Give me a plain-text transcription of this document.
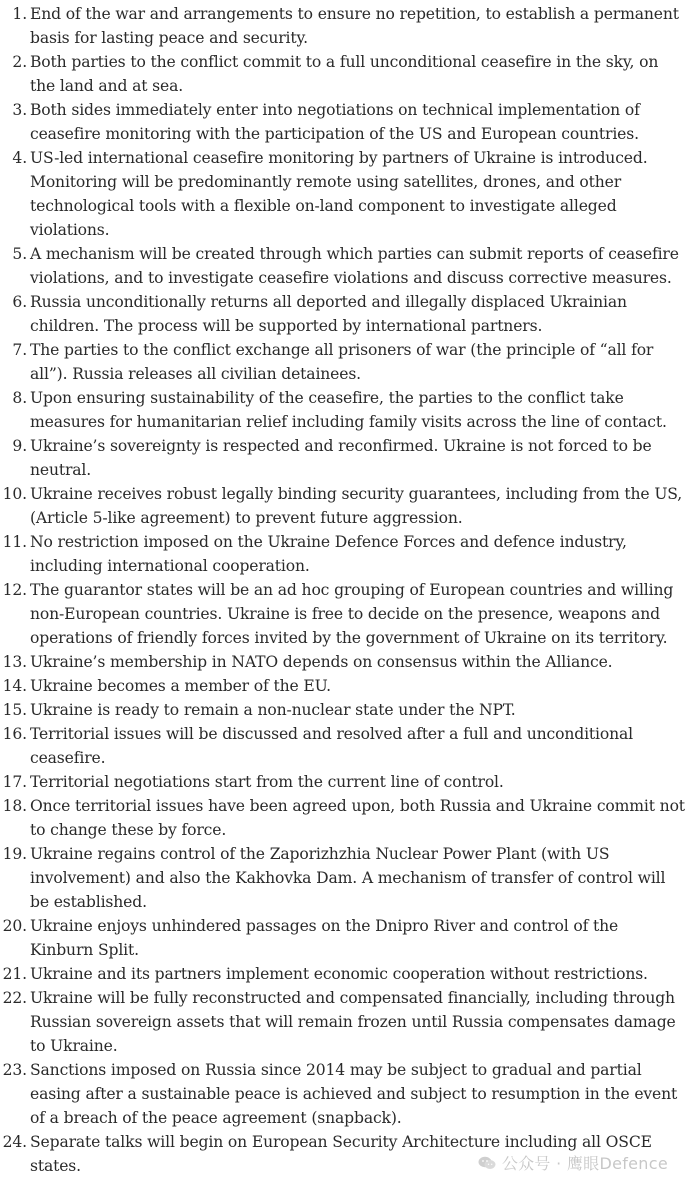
1. End of the war and arrangements to ensure no repetition, to establish a permanent basis for lasting peace and security.
2. Both parties to the conflict commit to a full unconditional ceasefire in the sky, on the land and at sea.
3. Both sides immediately enter into negotiations on technical implementation of ceasefire monitoring with the participation of the US and European countries.
4. US-led international ceasefire monitoring by partners of Ukraine is introduced. Monitoring will be predominantly remote using satellites, drones, and other technological tools with a flexible on-land component to investigate alleged violations.
5. A mechanism will be created through which parties can submit reports of ceasefire violations, and to investigate ceasefire violations and discuss corrective measures.
6. Russia unconditionally returns all deported and illegally displaced Ukrainian children. The process will be supported by international partners.
7. The parties to the conflict exchange all prisoners of war (the principle of “all for all”). Russia releases all civilian detainees.
8. Upon ensuring sustainability of the ceasefire, the parties to the conflict take measures for humanitarian relief including family visits across the line of contact.
9. Ukraine’s sovereignty is respected and reconfirmed. Ukraine is not forced to be neutral.
10. Ukraine receives robust legally binding security guarantees, including from the US, (Article 5-like agreement) to prevent future aggression.
11. No restriction imposed on the Ukraine Defence Forces and defence industry, including international cooperation.
12. The guarantor states will be an ad hoc grouping of European countries and willing non-European countries. Ukraine is free to decide on the presence, weapons and operations of friendly forces invited by the government of Ukraine on its territory.
13. Ukraine’s membership in NATO depends on consensus within the Alliance.
14. Ukraine becomes a member of the EU.
15. Ukraine is ready to remain a non-nuclear state under the NPT.
16. Territorial issues will be discussed and resolved after a full and unconditional ceasefire.
17. Territorial negotiations start from the current line of control.
18. Once territorial issues have been agreed upon, both Russia and Ukraine commit not to change these by force.
19. Ukraine regains control of the Zaporizhzhia Nuclear Power Plant (with US involvement) and also the Kakhovka Dam. A mechanism of transfer of control will be established.
20. Ukraine enjoys unhindered passages on the Dnipro River and control of the Kinburn Split.
21. Ukraine and its partners implement economic cooperation without restrictions.
22. Ukraine will be fully reconstructed and compensated financially, including through Russian sovereign assets that will remain frozen until Russia compensates damage to Ukraine.
23. Sanctions imposed on Russia since 2014 may be subject to gradual and partial easing after a sustainable peace is achieved and subject to resumption in the event of a breach of the peace agreement (snapback).
24. Separate talks will begin on European Security Architecture including all OSCE states.	公众号 · 鹰眼Defence
